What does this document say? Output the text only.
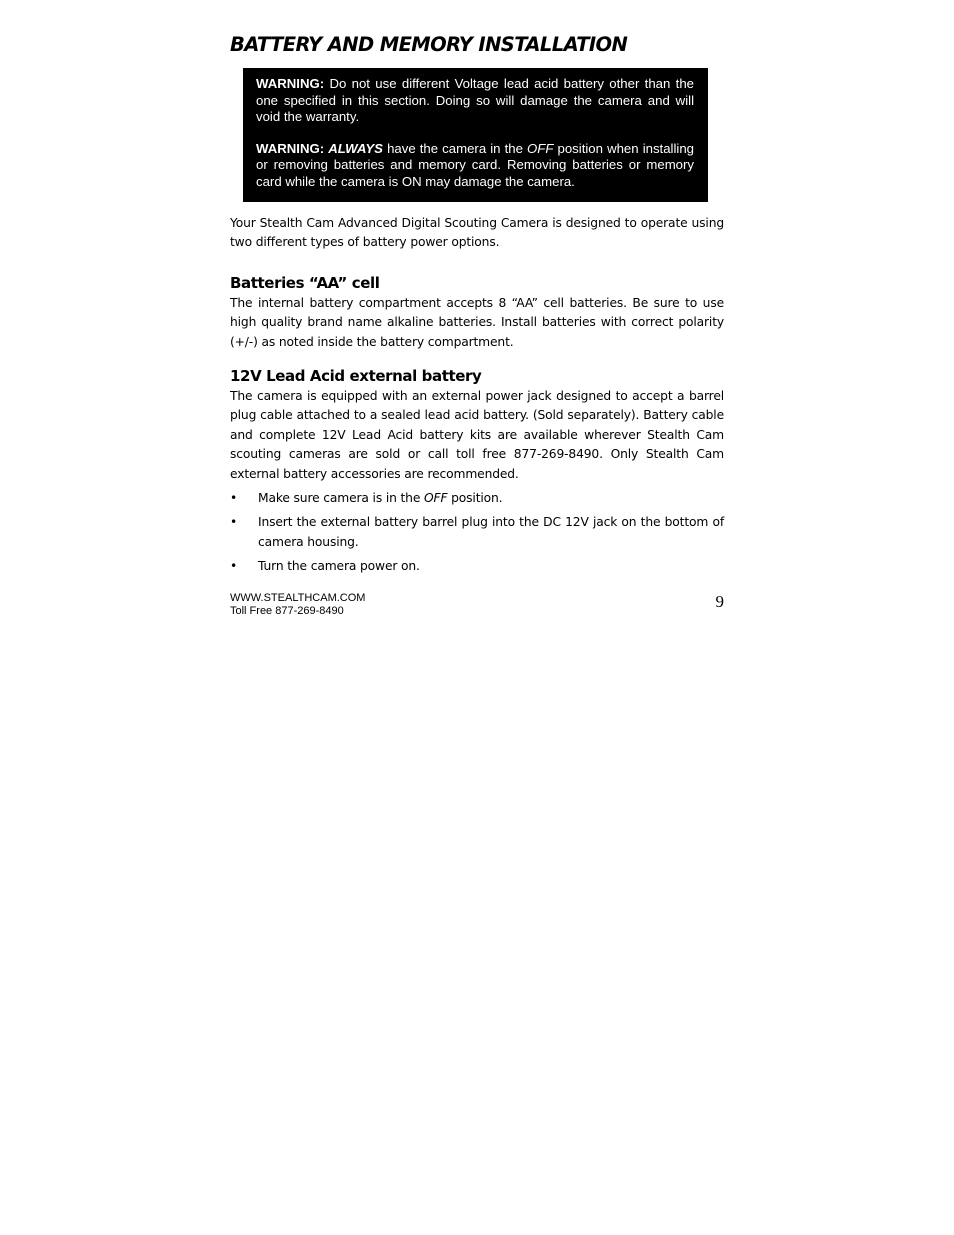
BATTERY AND MEMORY INSTALLATION

WARNING: Do not use different Voltage lead acid battery other than the one specified in this section. Doing so will damage the camera and will void the warranty.

WARNING: ALWAYS have the camera in the OFF position when installing or removing batteries and memory card. Removing batteries or memory card while the camera is ON may damage the camera.

Your Stealth Cam Advanced Digital Scouting Camera is designed to operate using two different types of battery power options.

Batteries “AA” cell

The internal battery compartment accepts 8 “AA” cell batteries. Be sure to use high quality brand name alkaline batteries. Install batteries with correct polarity (+/-) as noted inside the battery compartment.

12V Lead Acid external battery

The camera is equipped with an external power jack designed to accept a barrel plug cable attached to a sealed lead acid battery. (Sold separately). Battery cable and complete 12V Lead Acid battery kits are available wherever Stealth Cam scouting cameras are sold or call toll free 877-269-8490. Only Stealth Cam external battery accessories are recommended.

• Make sure camera is in the OFF position.
• Insert the external battery barrel plug into the DC 12V jack on the bottom of camera housing.
• Turn the camera power on.
WWW.STEALTHCAM.COM
Toll Free 877-269-8490	9
